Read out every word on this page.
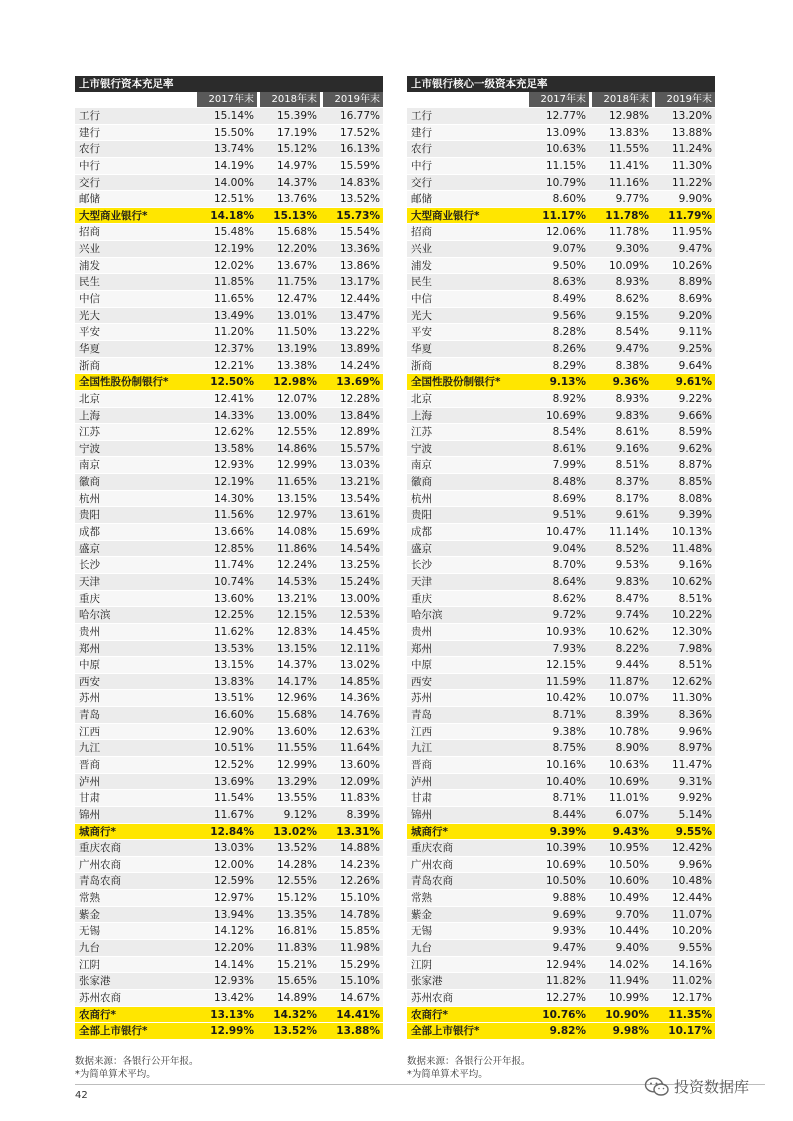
上市银行资本充足率
2017年末	2018年末	2019年末
工行	15.14%	15.39%	16.77%
建行	15.50%	17.19%	17.52%
农行	13.74%	15.12%	16.13%
中行	14.19%	14.97%	15.59%
交行	14.00%	14.37%	14.83%
邮储	12.51%	13.76%	13.52%
大型商业银行*	14.18%	15.13%	15.73%
招商	15.48%	15.68%	15.54%
兴业	12.19%	12.20%	13.36%
浦发	12.02%	13.67%	13.86%
民生	11.85%	11.75%	13.17%
中信	11.65%	12.47%	12.44%
光大	13.49%	13.01%	13.47%
平安	11.20%	11.50%	13.22%
华夏	12.37%	13.19%	13.89%
浙商	12.21%	13.38%	14.24%
全国性股份制银行*	12.50%	12.98%	13.69%
北京	12.41%	12.07%	12.28%
上海	14.33%	13.00%	13.84%
江苏	12.62%	12.55%	12.89%
宁波	13.58%	14.86%	15.57%
南京	12.93%	12.99%	13.03%
徽商	12.19%	11.65%	13.21%
杭州	14.30%	13.15%	13.54%
贵阳	11.56%	12.97%	13.61%
成都	13.66%	14.08%	15.69%
盛京	12.85%	11.86%	14.54%
长沙	11.74%	12.24%	13.25%
天津	10.74%	14.53%	15.24%
重庆	13.60%	13.21%	13.00%
哈尔滨	12.25%	12.15%	12.53%
贵州	11.62%	12.83%	14.45%
郑州	13.53%	13.15%	12.11%
中原	13.15%	14.37%	13.02%
西安	13.83%	14.17%	14.85%
苏州	13.51%	12.96%	14.36%
青岛	16.60%	15.68%	14.76%
江西	12.90%	13.60%	12.63%
九江	10.51%	11.55%	11.64%
晋商	12.52%	12.99%	13.60%
泸州	13.69%	13.29%	12.09%
甘肃	11.54%	13.55%	11.83%
锦州	11.67%	9.12%	8.39%
城商行*	12.84%	13.02%	13.31%
重庆农商	13.03%	13.52%	14.88%
广州农商	12.00%	14.28%	14.23%
青岛农商	12.59%	12.55%	12.26%
常熟	12.97%	15.12%	15.10%
紫金	13.94%	13.35%	14.78%
无锡	14.12%	16.81%	15.85%
九台	12.20%	11.83%	11.98%
江阴	14.14%	15.21%	15.29%
张家港	12.93%	15.65%	15.10%
苏州农商	13.42%	14.89%	14.67%
农商行*	13.13%	14.32%	14.41%
全部上市银行*	12.99%	13.52%	13.88%
上市银行核心一级资本充足率
2017年末	2018年末	2019年末
工行	12.77%	12.98%	13.20%
建行	13.09%	13.83%	13.88%
农行	10.63%	11.55%	11.24%
中行	11.15%	11.41%	11.30%
交行	10.79%	11.16%	11.22%
邮储	8.60%	9.77%	9.90%
大型商业银行*	11.17%	11.78%	11.79%
招商	12.06%	11.78%	11.95%
兴业	9.07%	9.30%	9.47%
浦发	9.50%	10.09%	10.26%
民生	8.63%	8.93%	8.89%
中信	8.49%	8.62%	8.69%
光大	9.56%	9.15%	9.20%
平安	8.28%	8.54%	9.11%
华夏	8.26%	9.47%	9.25%
浙商	8.29%	8.38%	9.64%
全国性股份制银行*	9.13%	9.36%	9.61%
北京	8.92%	8.93%	9.22%
上海	10.69%	9.83%	9.66%
江苏	8.54%	8.61%	8.59%
宁波	8.61%	9.16%	9.62%
南京	7.99%	8.51%	8.87%
徽商	8.48%	8.37%	8.85%
杭州	8.69%	8.17%	8.08%
贵阳	9.51%	9.61%	9.39%
成都	10.47%	11.14%	10.13%
盛京	9.04%	8.52%	11.48%
长沙	8.70%	9.53%	9.16%
天津	8.64%	9.83%	10.62%
重庆	8.62%	8.47%	8.51%
哈尔滨	9.72%	9.74%	10.22%
贵州	10.93%	10.62%	12.30%
郑州	7.93%	8.22%	7.98%
中原	12.15%	9.44%	8.51%
西安	11.59%	11.87%	12.62%
苏州	10.42%	10.07%	11.30%
青岛	8.71%	8.39%	8.36%
江西	9.38%	10.78%	9.96%
九江	8.75%	8.90%	8.97%
晋商	10.16%	10.63%	11.47%
泸州	10.40%	10.69%	9.31%
甘肃	8.71%	11.01%	9.92%
锦州	8.44%	6.07%	5.14%
城商行*	9.39%	9.43%	9.55%
重庆农商	10.39%	10.95%	12.42%
广州农商	10.69%	10.50%	9.96%
青岛农商	10.50%	10.60%	10.48%
常熟	9.88%	10.49%	12.44%
紫金	9.69%	9.70%	11.07%
无锡	9.93%	10.44%	10.20%
九台	9.47%	9.40%	9.55%
江阴	12.94%	14.02%	14.16%
张家港	11.82%	11.94%	11.02%
苏州农商	12.27%	10.99%	12.17%
农商行*	10.76%	10.90%	11.35%
全部上市银行*	9.82%	9.98%	10.17%
数据来源：各银行公开年报。
*为简单算术平均。
数据来源：各银行公开年报。
*为简单算术平均。
42	投资数据库
